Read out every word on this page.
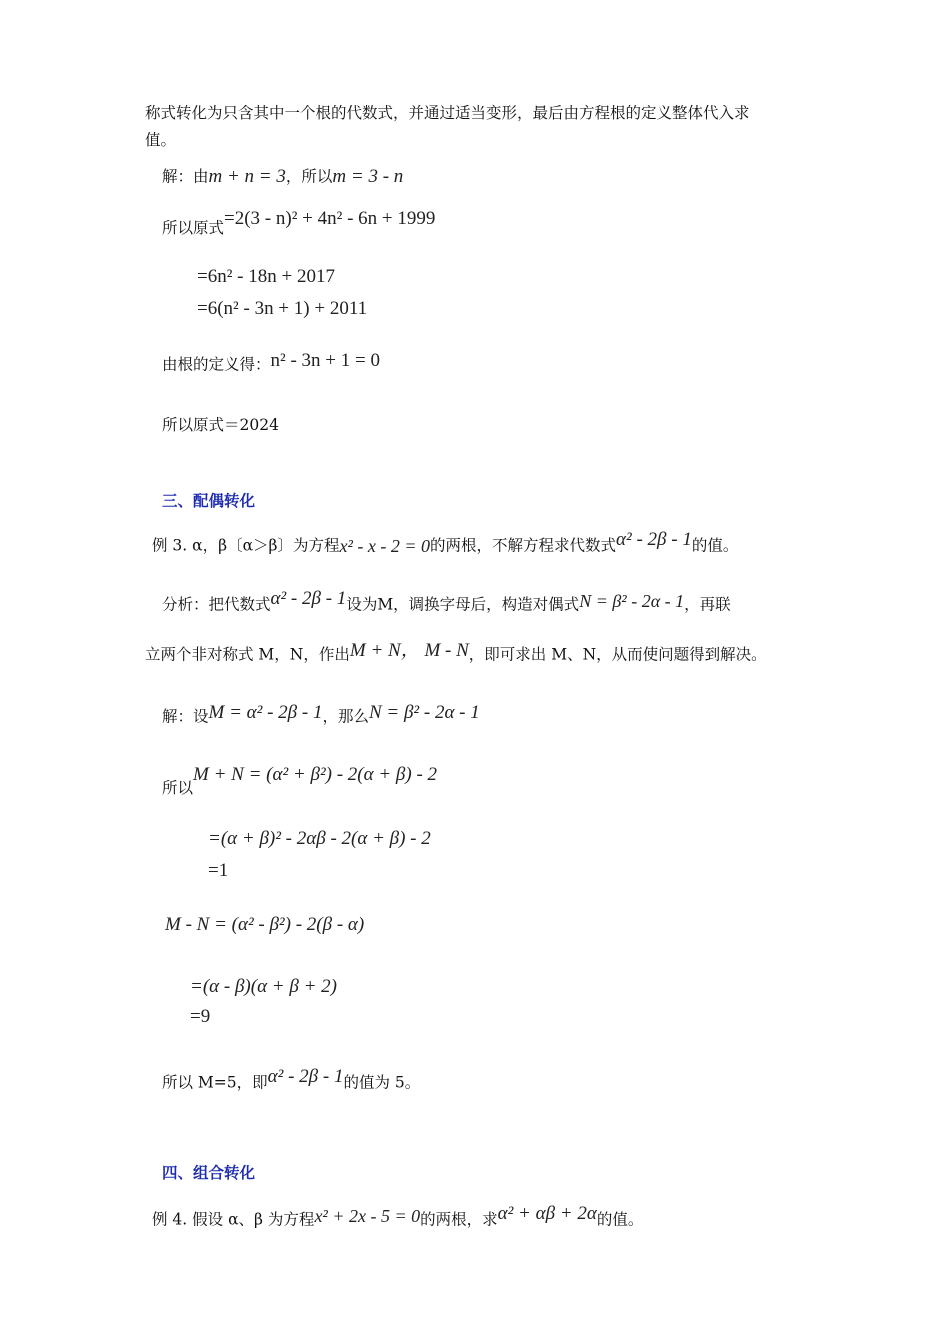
称式转化为只含其中一个根的代数式，并通过适当变形，最后由方程根的定义整体代入求
值。
解：由m + n = 3，所以m = 3 - n
所以原式=2(3 - n)² + 4n² - 6n + 1999
=6n² - 18n + 2017
=6(n² - 3n + 1) + 2011
由根的定义得：n² - 3n + 1 = 0
所以原式＝2024
三、配偶转化
例 3. α，β〔α＞β〕为方程x² - x - 2 = 0的两根，不解方程求代数式α² - 2β - 1的值。
分析：把代数式α² - 2β - 1设为M，调换字母后，构造对偶式N = β² - 2α - 1，再联
立两个非对称式 M，N，作出M + N， M - N，即可求出 M、N，从而使问题得到解决。
解：设M = α² - 2β - 1，那么N = β² - 2α - 1
所以M + N = (α² + β²) - 2(α + β) - 2
=(α + β)² - 2αβ - 2(α + β) - 2
=1
M - N = (α² - β²) - 2(β - α)
=(α - β)(α + β + 2)
=9
所以 M=5，即α² - 2β - 1的值为 5。
四、组合转化
例 4. 假设 α、β 为方程x² + 2x - 5 = 0的两根，求α² + αβ + 2α的值。
